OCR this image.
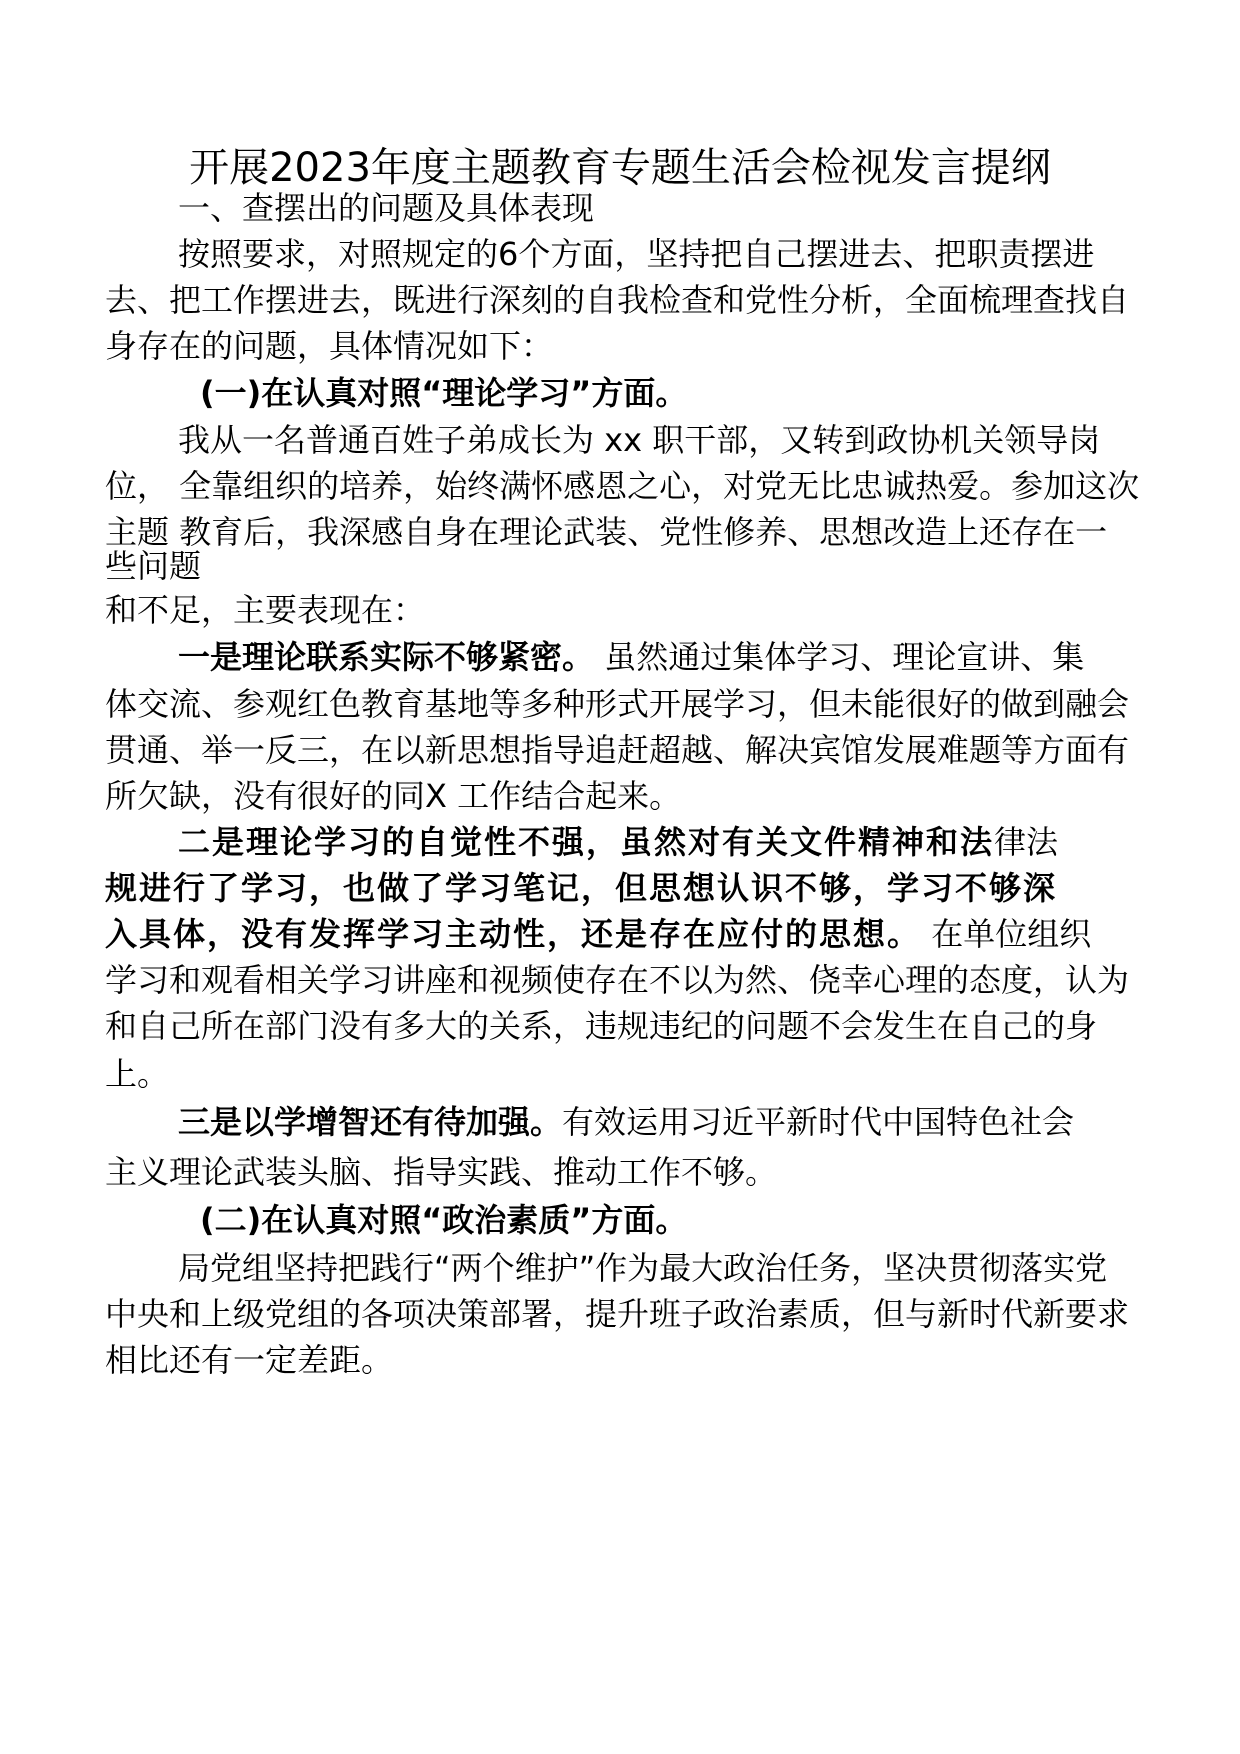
开展2023年度主题教育专题生活会检视发言提纲
一、查摆出的问题及具体表现
按照要求，对照规定的6个方面，坚持把自己摆进去、把职责摆进
去、把工作摆进去，既进行深刻的自我检查和党性分析，全面梳理查找自
身存在的问题，具体情况如下：
(一)在认真对照“理论学习”方面。
我从一名普通百姓子弟成长为 xx 职干部，又转到政协机关领导岗
位， 全靠组织的培养，始终满怀感恩之心，对党无比忠诚热爱。参加这次
主题 教育后，我深感自身在理论武装、党性修养、思想改造上还存在一
些问题
和不足，主要表现在：
一是理论联系实际不够紧密。 虽然通过集体学习、理论宣讲、集
体交流、参观红色教育基地等多种形式开展学习，但未能很好的做到融会
贯通、举一反三，在以新思想指导追赶超越、解决宾馆发展难题等方面有
所欠缺，没有很好的同X 工作结合起来。
二是理论学习的自觉性不强，虽然对有关文件精神和法律法
规进行了学习，也做了学习笔记，但思想认识不够，学习不够深
入具体，没有发挥学习主动性，还是存在应付的思想。 在单位组织
学习和观看相关学习讲座和视频使存在不以为然、侥幸心理的态度，认为
和自己所在部门没有多大的关系，违规违纪的问题不会发生在自己的身
上。
三是以学增智还有待加强。有效运用习近平新时代中国特色社会
主义理论武装头脑、指导实践、推动工作不够。
(二)在认真对照“政治素质”方面。
局党组坚持把践行“两个维护”作为最大政治任务，坚决贯彻落实党
中央和上级党组的各项决策部署，提升班子政治素质，但与新时代新要求
相比还有一定差距。
